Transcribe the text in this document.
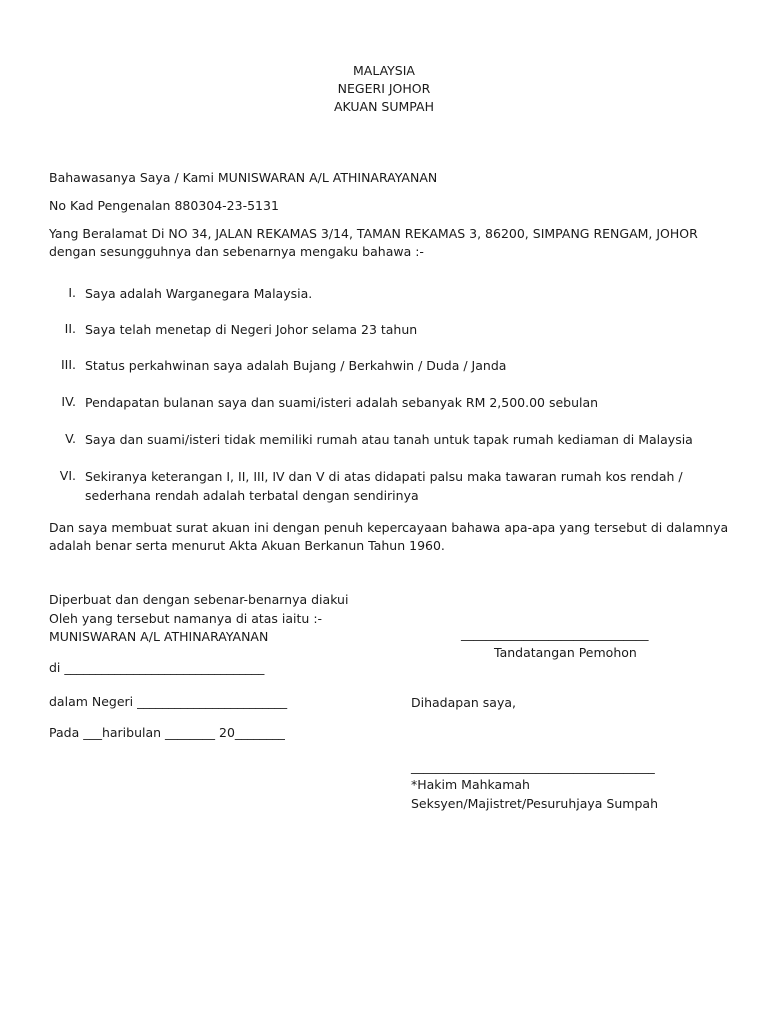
MALAYSIA
NEGERI JOHOR
AKUAN SUMPAH
Bahawasanya Saya / Kami MUNISWARAN A/L ATHINARAYANAN
No Kad Pengenalan 880304-23-5131
Yang Beralamat Di NO 34, JALAN REKAMAS 3/14, TAMAN REKAMAS 3, 86200, SIMPANG RENGAM, JOHOR
dengan sesungguhnya dan sebenarnya mengaku bahawa :-
I. Saya adalah Warganegara Malaysia.
II. Saya telah menetap di Negeri Johor selama 23 tahun
III. Status perkahwinan saya adalah Bujang / Berkahwin / Duda / Janda
IV. Pendapatan bulanan saya dan suami/isteri adalah sebanyak RM 2,500.00 sebulan
V. Saya dan suami/isteri tidak memiliki rumah atau tanah untuk tapak rumah kediaman di Malaysia
VI. Sekiranya keterangan I, II, III, IV dan V di atas didapati palsu maka tawaran rumah kos rendah /
sederhana rendah adalah terbatal dengan sendirinya
Dan saya membuat surat akuan ini dengan penuh kepercayaan bahawa apa-apa yang tersebut di dalamnya
adalah benar serta menurut Akta Akuan Berkanun Tahun 1960.
Diperbuat dan dengan sebenar-benarnya diakui
Oleh yang tersebut namanya di atas iaitu :-
MUNISWARAN A/L ATHINARAYANAN
di ________________________________
dalam Negeri ________________________
Pada ___haribulan ________ 20________
______________________________
Tandatangan Pemohon
Dihadapan saya,
_______________________________________
*Hakim Mahkamah
Seksyen/Majistret/Pesuruhjaya Sumpah
